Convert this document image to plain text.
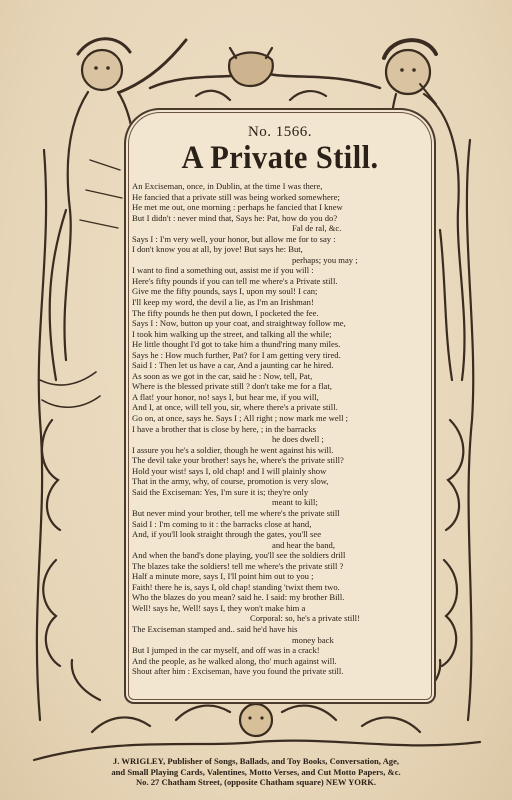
No. 1566.
A Private Still.
An Exciseman, once, in Dublin, at the time I was there,
He fancied that a private still was being worked somewhere;
He met me out, one morning : perhaps he fancied that I knew
But I didn't : never mind that, Says he: Pat, how do you do?
Fal de ral, &c.
Says I : I'm very well, your honor, but allow me for to say :
I don't know you at all, by jove! But says he: But,
perhaps; you may ;
I want to find a something out, assist me if you will :
Here's fifty pounds if you can tell me where's a Private still.
Give me the fifty pounds, says I, upon my soul! I can;
I'll keep my word, the devil a lie, as I'm an Irishman!
The fifty pounds he then put down, I pocketed the fee.
Says I : Now, button up your coat, and straightway follow me,
I took him walking up the street, and talking all the while;
He little thought I'd got to take him a thund'ring many miles.
Says he : How much further, Pat? for I am getting very tired.
Said I : Then let us have a car, And a jaunting car he hired.
As soon as we got in the car, said he : Now, tell, Pat,
Where is the blessed private still ? don't take me for a flat,
A flat! your honor, no! says I, but hear me, if you will,
And I, at once, will tell you, sir, where there's a private still.
Go on, at once, says he. Says I ; All right ; now mark me well ;
I have a brother that is close by here, ; in the barracks
he does dwell ;
I assure you he's a soldier, though he went against his will.
The devil take your brother! says he, where's the private still?
Hold your wist! says I, old chap! and I will plainly show
That in the army, why, of course, promotion is very slow,
Said the Exciseman: Yes, I'm sure it is; they're only
meant to kill;
But never mind your brother, tell me where's the private still
Said I : I'm coming to it : the barracks close at hand,
And, if you'll look straight through the gates, you'll see
and hear the band,
And when the band's done playing, you'll see the soldiers drill
The blazes take the soldiers! tell me where's the private still ?
Half a minute more, says I, I'll point him out to you ;
Faith! there he is, says I, old chap! standing 'twixt them two.
Who the blazes do you mean? said he. I said: my brother Bill.
Well! says he, Well! says I, they won't make him a
Corporal: so, he's a private still!
The Exciseman stamped and.. said he'd have his
money back
But I jumped in the car myself, and off was in a crack!
And the people, as he walked along, tho' much against will.
Shout after him : Exciseman, have you found the private still.
J. WRIGLEY, Publisher of Songs, Ballads, and Toy Books, Conversation, Age,
and Small Playing Cards, Valentines, Motto Verses, and Cut Motto Papers, &c.
No. 27 Chatham Street, (opposite Chatham square) NEW YORK.
